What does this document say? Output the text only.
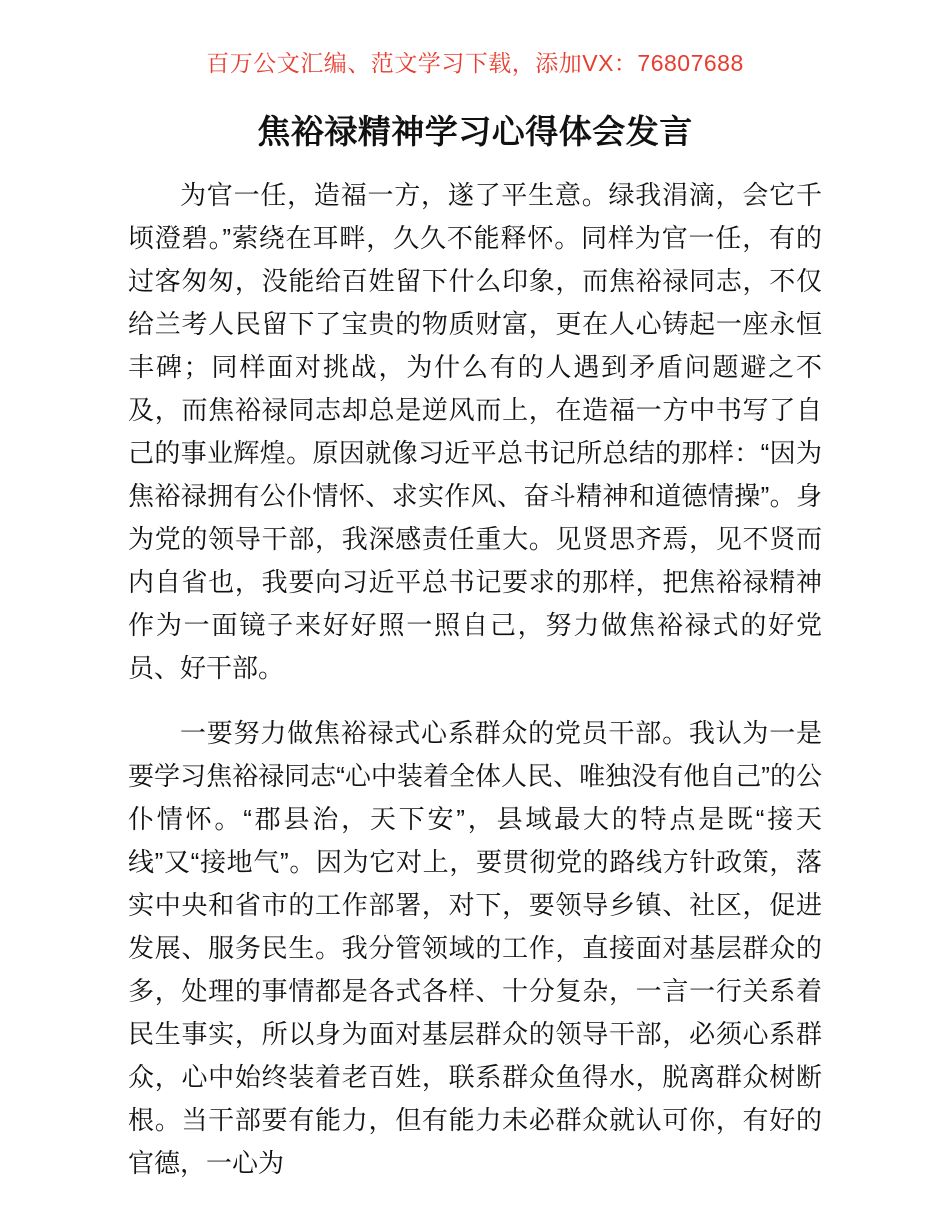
百万公文汇编、范文学习下载，添加VX：76807688
焦裕禄精神学习心得体会发言

为官一任，造福一方，遂了平生意。绿我涓滴，会它千顷澄碧。”萦绕在耳畔，久久不能释怀。同样为官一任，有的过客匆匆，没能给百姓留下什么印象，而焦裕禄同志，不仅给兰考人民留下了宝贵的物质财富，更在人心铸起一座永恒丰碑；同样面对挑战，为什么有的人遇到矛盾问题避之不及，而焦裕禄同志却总是逆风而上，在造福一方中书写了自己的事业辉煌。原因就像习近平总书记所总结的那样：“因为焦裕禄拥有公仆情怀、求实作风、奋斗精神和道德情操”。身为党的领导干部，我深感责任重大。见贤思齐焉，见不贤而内自省也，我要向习近平总书记要求的那样，把焦裕禄精神作为一面镜子来好好照一照自己，努力做焦裕禄式的好党员、好干部。

一要努力做焦裕禄式心系群众的党员干部。我认为一是要学习焦裕禄同志“心中装着全体人民、唯独没有他自己”的公仆情怀。“郡县治，天下安”，县域最大的特点是既“接天线”又“接地气”。因为它对上，要贯彻党的路线方针政策，落实中央和省市的工作部署，对下，要领导乡镇、社区，促进发展、服务民生。我分管领域的工作，直接面对基层群众的多，处理的事情都是各式各样、十分复杂，一言一行关系着民生事实，所以身为面对基层群众的领导干部，必须心系群众，心中始终装着老百姓，联系群众鱼得水，脱离群众树断根。当干部要有能力，但有能力未必群众就认可你，有好的官德，一心为
